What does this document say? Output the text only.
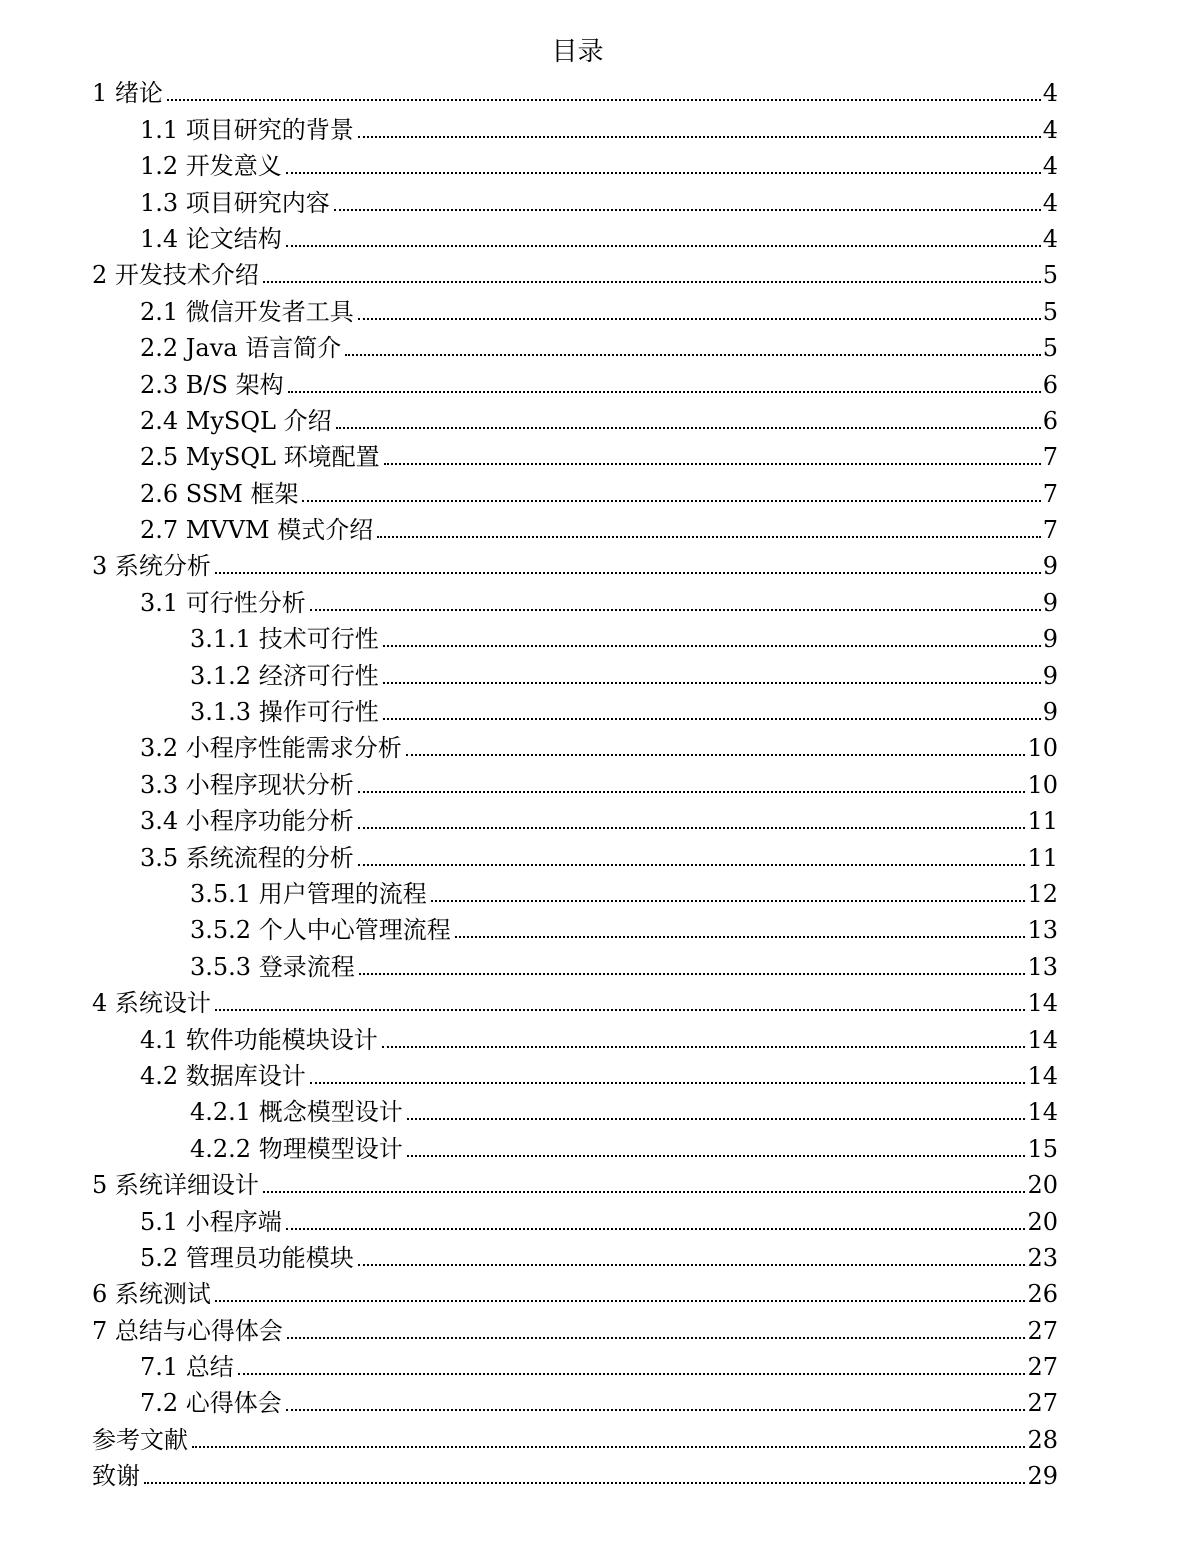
目录
1 绪论	4
1.1 项目研究的背景	4
1.2 开发意义	4
1.3 项目研究内容	4
1.4 论文结构	4
2 开发技术介绍	5
2.1 微信开发者工具	5
2.2 Java 语言简介	5
2.3 B/S 架构	6
2.4 MySQL 介绍	6
2.5 MySQL 环境配置	7
2.6 SSM 框架	7
2.7 MVVM 模式介绍	7
3 系统分析	9
3.1 可行性分析	9
3.1.1 技术可行性	9
3.1.2 经济可行性	9
3.1.3 操作可行性	9
3.2 小程序性能需求分析	10
3.3 小程序现状分析	10
3.4 小程序功能分析	11
3.5 系统流程的分析	11
3.5.1 用户管理的流程	12
3.5.2 个人中心管理流程	13
3.5.3 登录流程	13
4 系统设计	14
4.1 软件功能模块设计	14
4.2 数据库设计	14
4.2.1 概念模型设计	14
4.2.2 物理模型设计	15
5 系统详细设计	20
5.1 小程序端	20
5.2 管理员功能模块	23
6 系统测试	26
7 总结与心得体会	27
7.1 总结	27
7.2 心得体会	27
参考文献	28
致谢	29
